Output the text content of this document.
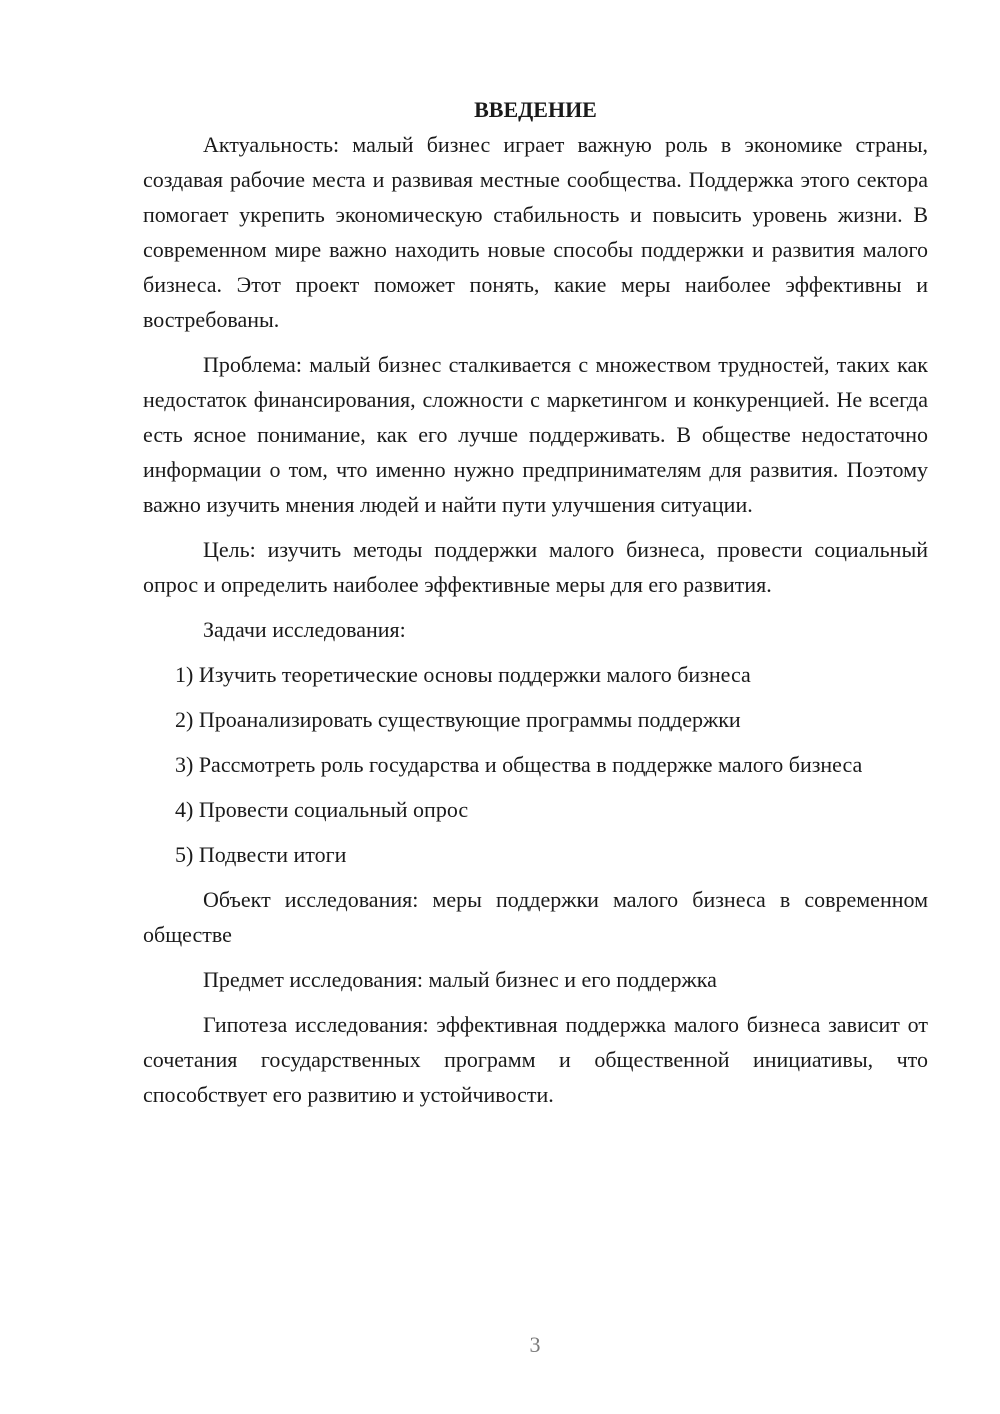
ВВЕДЕНИЕ

Актуальность: малый бизнес играет важную роль в экономике страны, создавая рабочие места и развивая местные сообщества. Поддержка этого сектора помогает укрепить экономическую стабильность и повысить уровень жизни. В современном мире важно находить новые способы поддержки и развития малого бизнеса. Этот проект поможет понять, какие меры наиболее эффективны и востребованы.

Проблема: малый бизнес сталкивается с множеством трудностей, таких как недостаток финансирования, сложности с маркетингом и конкуренцией. Не всегда есть ясное понимание, как его лучше поддерживать. В обществе недостаточно информации о том, что именно нужно предпринимателям для развития. Поэтому важно изучить мнения людей и найти пути улучшения ситуации.

Цель: изучить методы поддержки малого бизнеса, провести социальный опрос и определить наиболее эффективные меры для его развития.

Задачи исследования:

1) Изучить теоретические основы поддержки малого бизнеса

2) Проанализировать существующие программы поддержки

3) Рассмотреть роль государства и общества в поддержке малого бизнеса

4) Провести социальный опрос

5) Подвести итоги

Объект исследования: меры поддержки малого бизнеса в современном обществе

Предмет исследования: малый бизнес и его поддержка

Гипотеза исследования: эффективная поддержка малого бизнеса зависит от сочетания государственных программ и общественной инициативы, что способствует его развитию и устойчивости.

3
